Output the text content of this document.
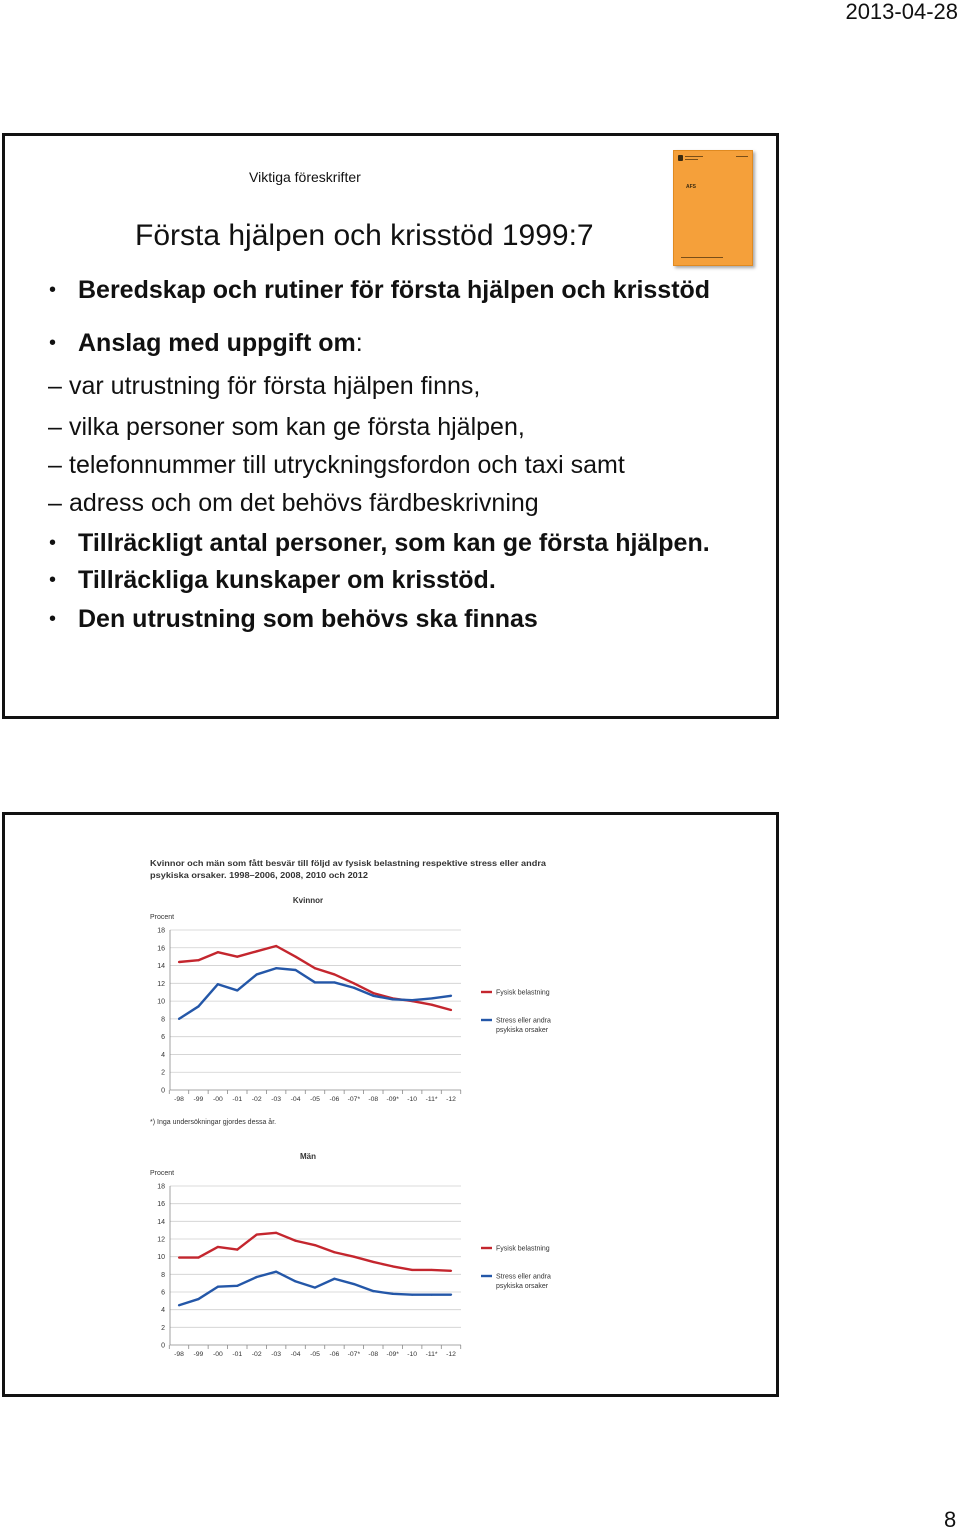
2013-04-28
Viktiga föreskrifter
Första hjälpen och krisstöd 1999:7
AFS
• Beredskap och rutiner för första hjälpen och krisstöd
• Anslag med uppgift om:
– var utrustning för första hjälpen finns,
– vilka personer som kan ge första hjälpen,
– telefonnummer till utryckningsfordon och taxi samt
– adress och om det behövs färdbeskrivning
• Tillräckligt antal personer, som kan ge första hjälpen.
• Tillräckliga kunskaper om krisstöd.
• Den utrustning som behövs ska finnas
Kvinnor och män som fått besvär till följd av fysisk belastning respektive stress eller andra
psykiska orsaker. 1998–2006, 2008, 2010 och 2012
*) Inga undersökningar gjordes dessa år.
Kvinnor
Procent
0
2
4
6
8
10
12
14
16
18
-98 -99 -00 -01 -02 -03 -04 -05 -06 -07* -08 -09* -10 -11* -12
Fysisk belastning
Stress eller andra psykiska orsaker
Män
Procent
0
2
4
6
8
10
12
14
16
18
-98 -99 -00 -01 -02 -03 -04 -05 -06 -07* -08 -09* -10 -11* -12
Fysisk belastning
Stress eller andra psykiska orsaker
8
